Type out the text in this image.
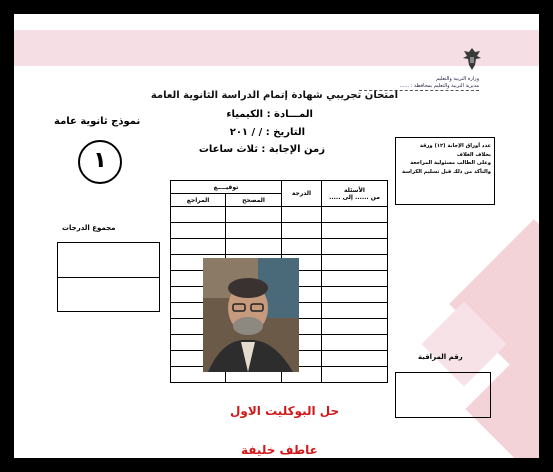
وزارة التربية والتعليم
مديرية التربية والتعليم بمحافظة : ......
امتحان تجريبي شهادة إتمام الدراسة الثانوية العامة
المـــادة : الكيمياء
التاريخ : / / ٢٠١
زمن الإجابة : ثلاث ساعات
نموذج ثانوية عامة
١
عدد أوراق الإجابة (١٢) ورقة
بخلاف الغلاف
وعلى الطالب مسئولية المراجعة
والتأكد من ذلك قبل تسليم الكراسة
مجموع الدرجات
الأسئلة
من ...... إلى .....	الدرجة	توقيــــع	
		المصحح	المراجع

رقم المراقبة
حل البوكليت الاول
عاطف خليفة
